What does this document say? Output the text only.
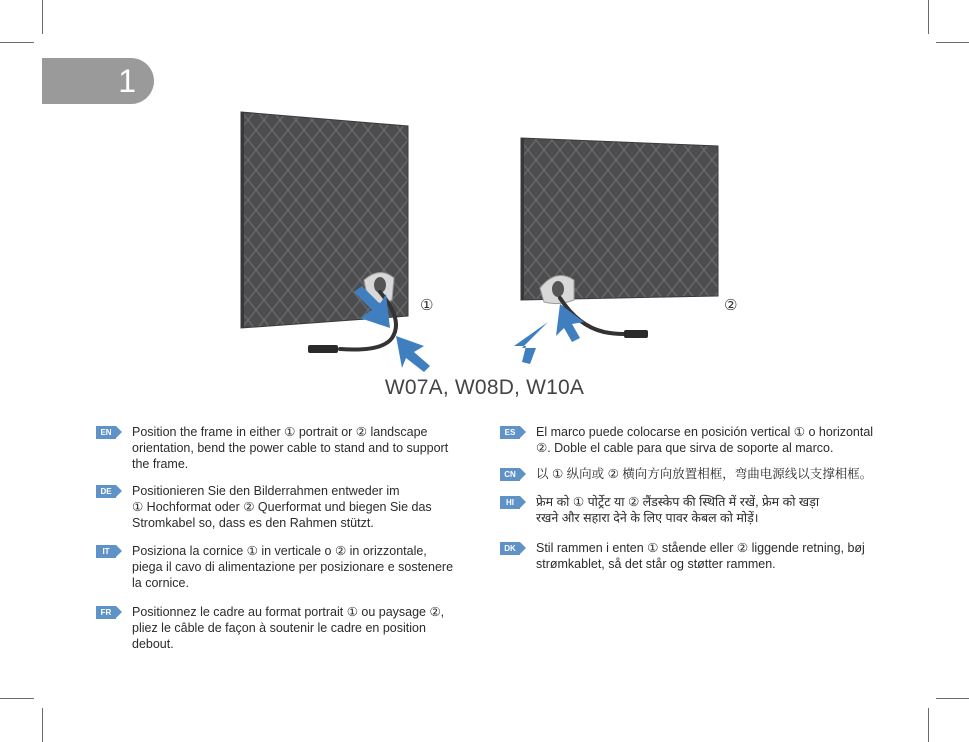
1
①	②
W07A, W08D, W10A
EN	Position the frame in either ① portrait or ② landscape
orientation, bend the power cable to stand and to support
the frame.
DE	Positionieren Sie den Bilderrahmen entweder im
① Hochformat oder ② Querformat und biegen Sie das
Stromkabel so, dass es den Rahmen stützt.
IT	Posiziona la cornice ① in verticale o ② in orizzontale,
piega il cavo di alimentazione per posizionare e sostenere
la cornice.
FR	Positionnez le cadre au format portrait ① ou paysage ②,
pliez le câble de façon à soutenir le cadre en position
debout.
ES	El marco puede colocarse en posición vertical ① o horizontal
②. Doble el cable para que sirva de soporte al marco.
CN	以 ① 纵向或 ② 横向方向放置相框，弯曲电源线以支撑相框。
HI	फ्रेम को ① पोर्ट्रेट या ② लैंडस्केप की स्थिति में रखें, फ्रेम को खड़ा
रखने और सहारा देने के लिए पावर केबल को मोड़ें।
DK	Stil rammen i enten ① stående eller ② liggende retning, bøj
strømkablet, så det står og støtter rammen.
